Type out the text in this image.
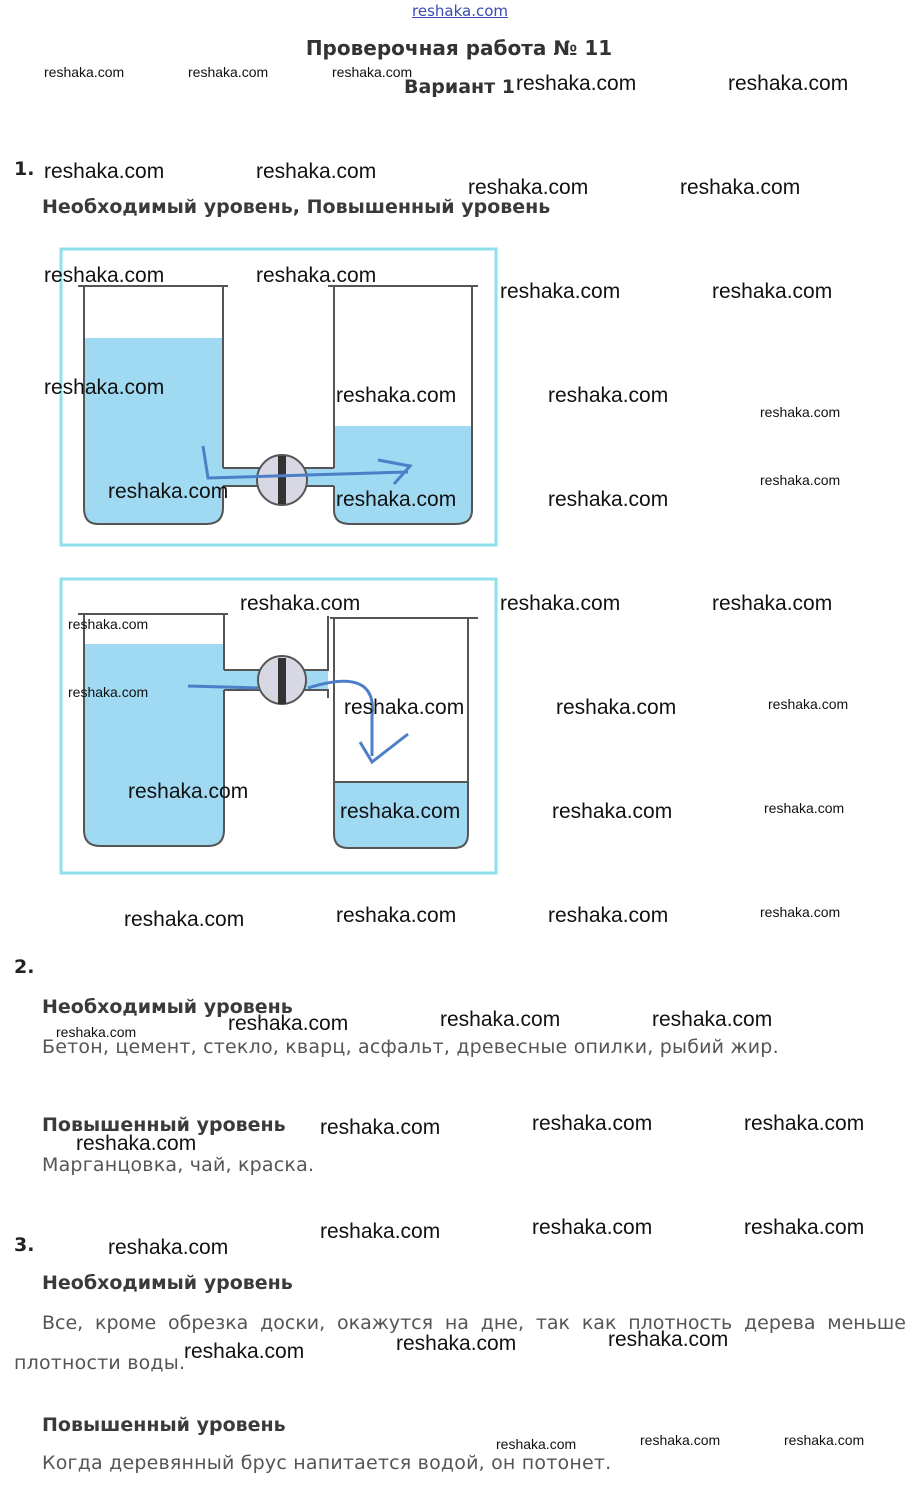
reshaka.com
Проверочная работа № 11
Вариант 1
1.
Необходимый уровень, Повышенный уровень
2.
Необходимый уровень
Бетон, цемент, стекло, кварц, асфальт, древесные опилки, рыбий жир.
Повышенный уровень
Марганцовка, чай, краска.
3.
Необходимый уровень
Все, кроме обрезка доски, окажутся на дне, так как плотность дерева меньше
плотности воды.
Повышенный уровень
Когда деревянный брус напитается водой, он потонет.
reshaka.com	reshaka.com	reshaka.com	reshaka.com	reshaka.com
reshaka.com	reshaka.com
reshaka.com	reshaka.com
reshaka.com	reshaka.com
reshaka.com	reshaka.com
reshaka.com	reshaka.com	reshaka.com
reshaka.com
reshaka.com
reshaka.com	reshaka.com	reshaka.com
reshaka.com	reshaka.com	reshaka.com
reshaka.com
reshaka.com
reshaka.com	reshaka.com	reshaka.com
reshaka.com
reshaka.com	reshaka.com	reshaka.com
reshaka.com	reshaka.com	reshaka.com	reshaka.com
reshaka.com	reshaka.com	reshaka.com	reshaka.com
reshaka.com
reshaka.com	reshaka.com	reshaka.com
reshaka.com
reshaka.com	reshaka.com	reshaka.com
reshaka.com	reshaka.com	reshaka.com
reshaka.com	reshaka.com	reshaka.com
